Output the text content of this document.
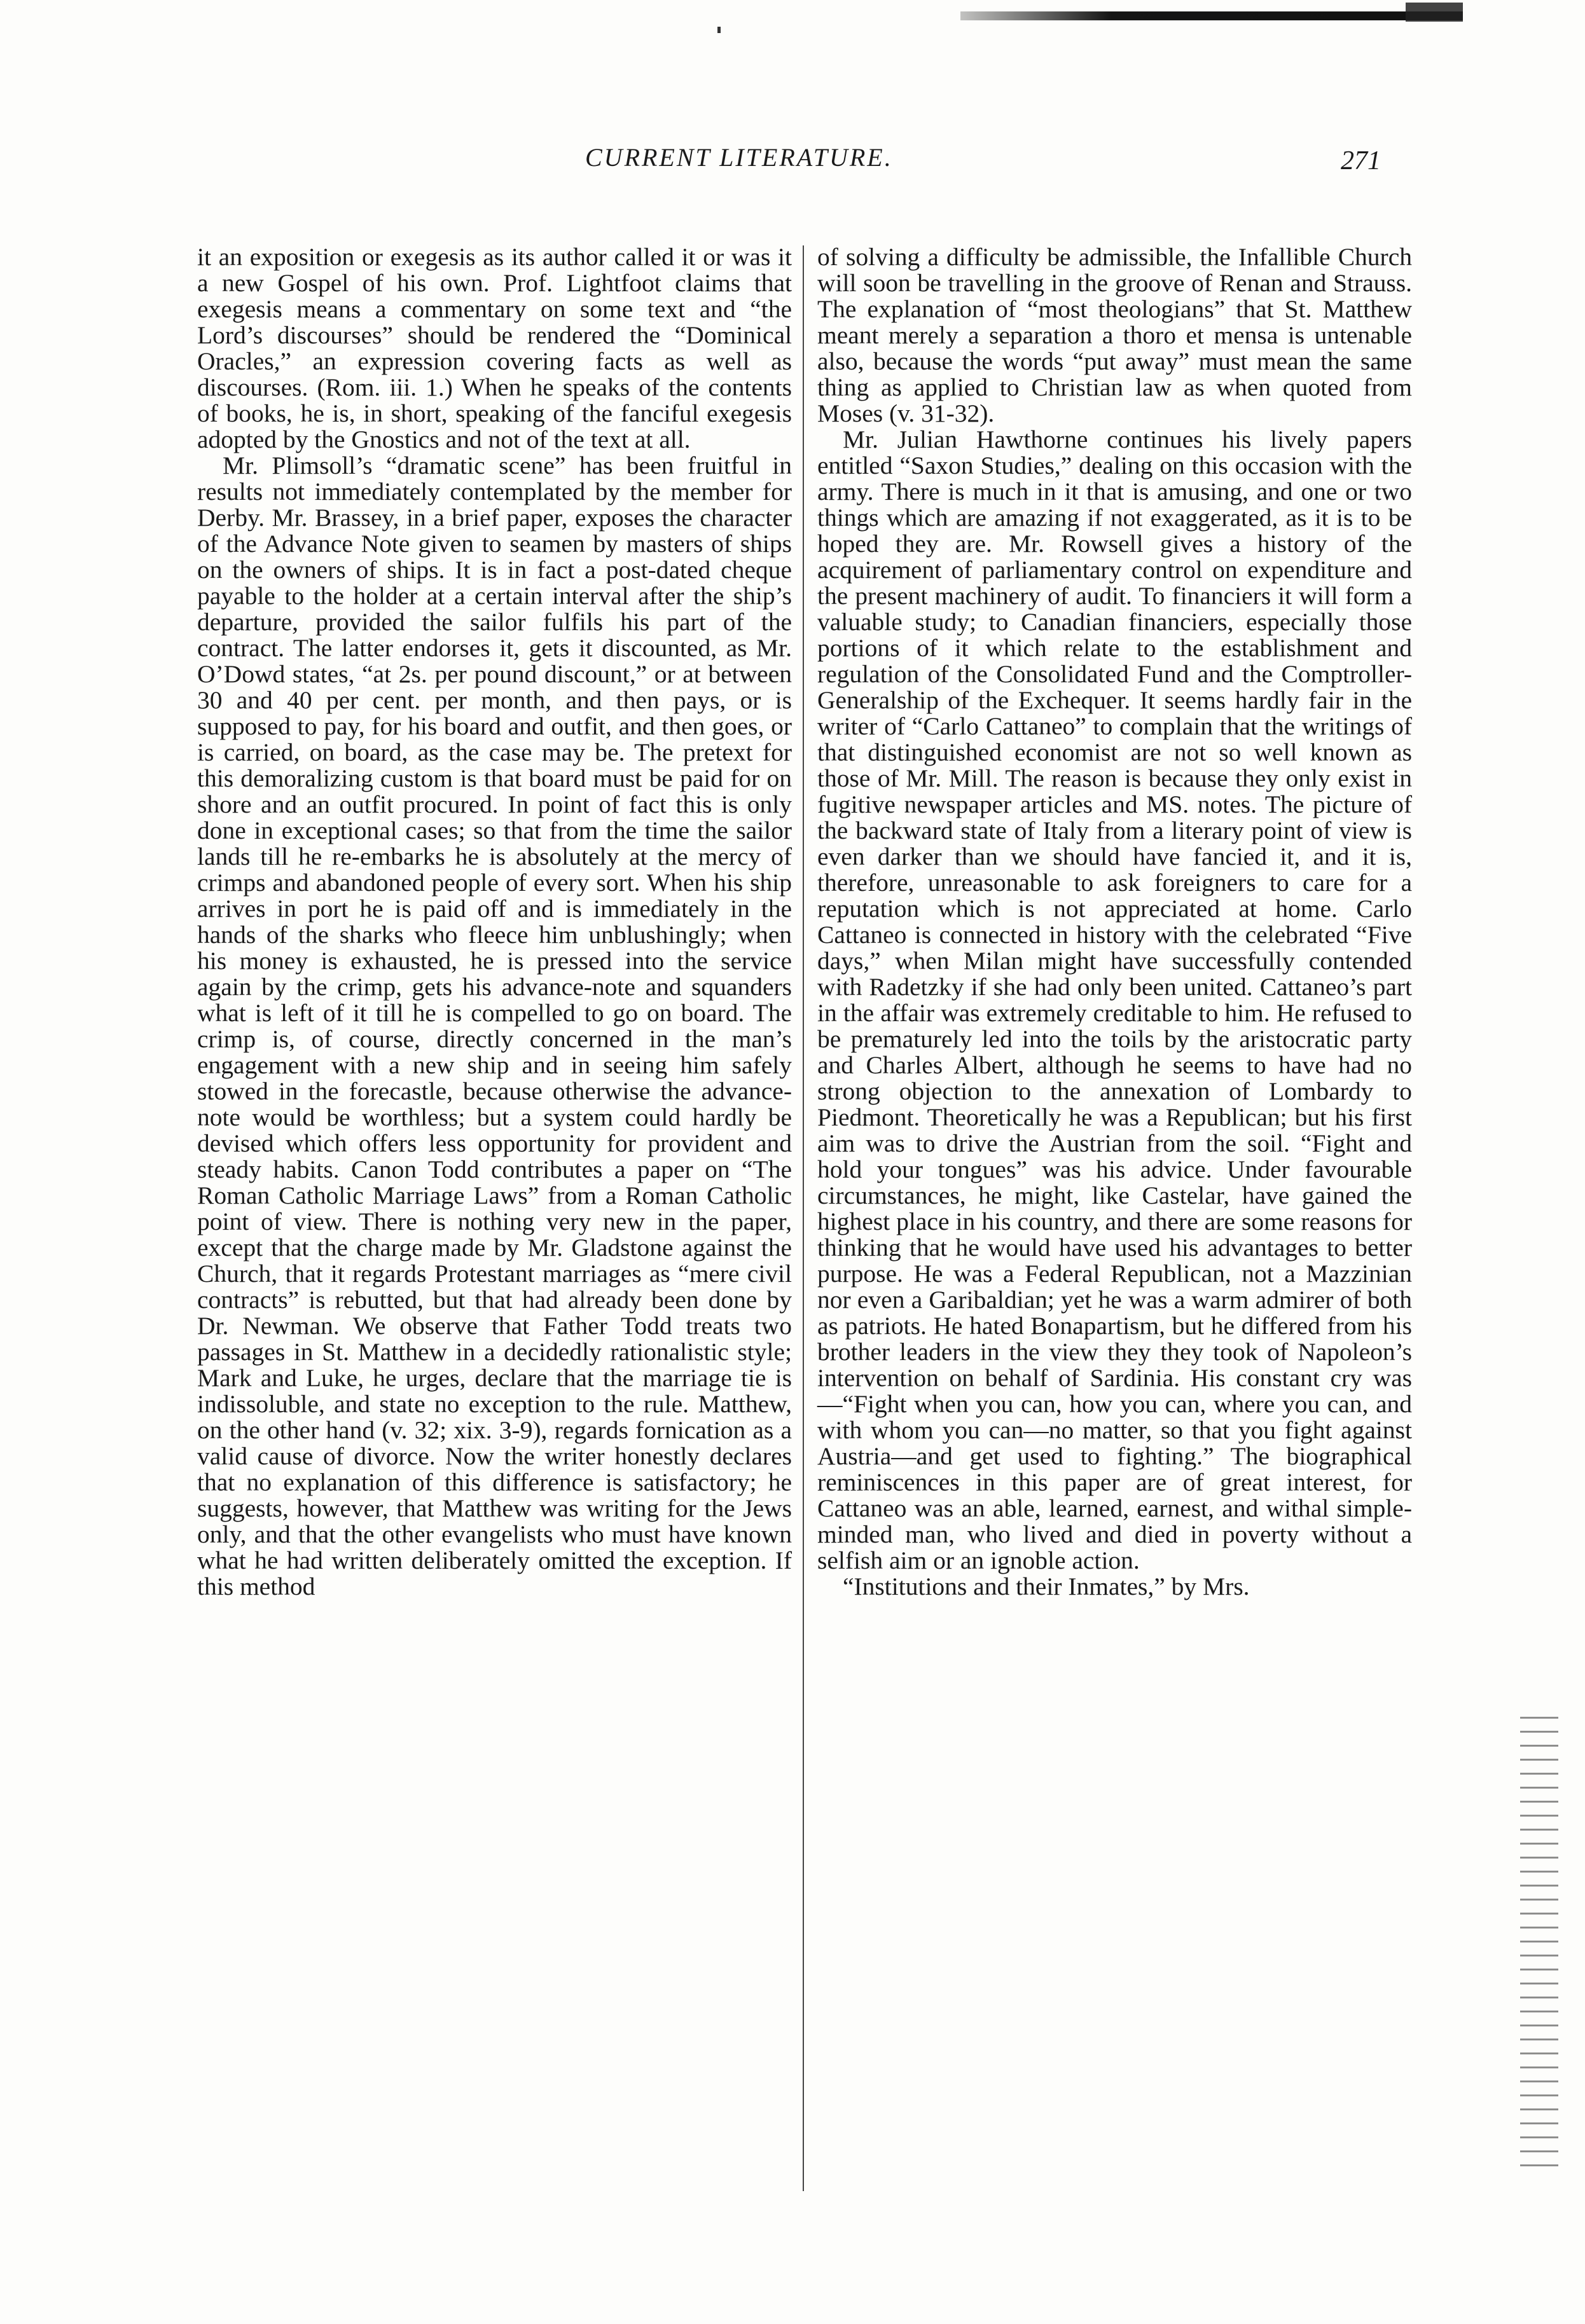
CURRENT LITERATURE.	271

it an exposition or exegesis as its author called it or was it a new Gospel of his own. Prof. Lightfoot claims that exegesis means a commentary on some text and “the Lord’s discourses” should be rendered the “Dominical Oracles,” an expression covering facts as well as discourses. (Rom. iii. 1.) When he speaks of the contents of books, he is, in short, speaking of the fanciful exegesis adopted by the Gnostics and not of the text at all.

Mr. Plimsoll’s “dramatic scene” has been fruitful in results not immediately contemplated by the member for Derby. Mr. Brassey, in a brief paper, exposes the character of the Advance Note given to seamen by masters of ships on the owners of ships. It is in fact a post-dated cheque payable to the holder at a certain interval after the ship’s departure, provided the sailor fulfils his part of the contract. The latter endorses it, gets it discounted, as Mr. O’Dowd states, “at 2s. per pound discount,” or at between 30 and 40 per cent. per month, and then pays, or is supposed to pay, for his board and outfit, and then goes, or is carried, on board, as the case may be. The pretext for this demoralizing custom is that board must be paid for on shore and an outfit procured. In point of fact this is only done in exceptional cases; so that from the time the sailor lands till he re-embarks he is absolutely at the mercy of crimps and abandoned people of every sort. When his ship arrives in port he is paid off and is immediately in the hands of the sharks who fleece him unblushingly; when his money is exhausted, he is pressed into the service again by the crimp, gets his advance-note and squanders what is left of it till he is compelled to go on board. The crimp is, of course, directly concerned in the man’s engagement with a new ship and in seeing him safely stowed in the forecastle, because otherwise the advance-note would be worthless; but a system could hardly be devised which offers less opportunity for provident and steady habits. Canon Todd contributes a paper on “The Roman Catholic Marriage Laws” from a Roman Catholic point of view. There is nothing very new in the paper, except that the charge made by Mr. Gladstone against the Church, that it regards Protestant marriages as “mere civil contracts” is rebutted, but that had already been done by Dr. Newman. We observe that Father Todd treats two passages in St. Matthew in a decidedly rationalistic style; Mark and Luke, he urges, declare that the marriage tie is indissoluble, and state no exception to the rule. Matthew, on the other hand (v. 32; xix. 3-9), regards fornication as a valid cause of divorce. Now the writer honestly declares that no explanation of this difference is satisfactory; he suggests, however, that Matthew was writing for the Jews only, and that the other evangelists who must have known what he had written deliberately omitted the exception. If this method

of solving a difficulty be admissible, the Infallible Church will soon be travelling in the groove of Renan and Strauss. The explanation of “most theologians” that St. Matthew meant merely a separation a thoro et mensa is untenable also, because the words “put away” must mean the same thing as applied to Christian law as when quoted from Moses (v. 31-32).

Mr. Julian Hawthorne continues his lively papers entitled “Saxon Studies,” dealing on this occasion with the army. There is much in it that is amusing, and one or two things which are amazing if not exaggerated, as it is to be hoped they are. Mr. Rowsell gives a history of the acquirement of parliamentary control on expenditure and the present machinery of audit. To financiers it will form a valuable study; to Canadian financiers, especially those portions of it which relate to the establishment and regulation of the Consolidated Fund and the Comptroller-Generalship of the Exchequer. It seems hardly fair in the writer of “Carlo Cattaneo” to complain that the writings of that distinguished economist are not so well known as those of Mr. Mill. The reason is because they only exist in fugitive newspaper articles and MS. notes. The picture of the backward state of Italy from a literary point of view is even darker than we should have fancied it, and it is, therefore, unreasonable to ask foreigners to care for a reputation which is not appreciated at home. Carlo Cattaneo is connected in history with the celebrated “Five days,” when Milan might have successfully contended with Radetzky if she had only been united. Cattaneo’s part in the affair was extremely creditable to him. He refused to be prematurely led into the toils by the aristocratic party and Charles Albert, although he seems to have had no strong objection to the annexation of Lombardy to Piedmont. Theoretically he was a Republican; but his first aim was to drive the Austrian from the soil. “Fight and hold your tongues” was his advice. Under favourable circumstances, he might, like Castelar, have gained the highest place in his country, and there are some reasons for thinking that he would have used his advantages to better purpose. He was a Federal Republican, not a Mazzinian nor even a Garibaldian; yet he was a warm admirer of both as patriots. He hated Bonapartism, but he differed from his brother leaders in the view they they took of Napoleon’s intervention on behalf of Sardinia. His constant cry was—“Fight when you can, how you can, where you can, and with whom you can—no matter, so that you fight against Austria—and get used to fighting.” The biographical reminiscences in this paper are of great interest, for Cattaneo was an able, learned, earnest, and withal simple-minded man, who lived and died in poverty without a selfish aim or an ignoble action.

“Institutions and their Inmates,” by Mrs.
